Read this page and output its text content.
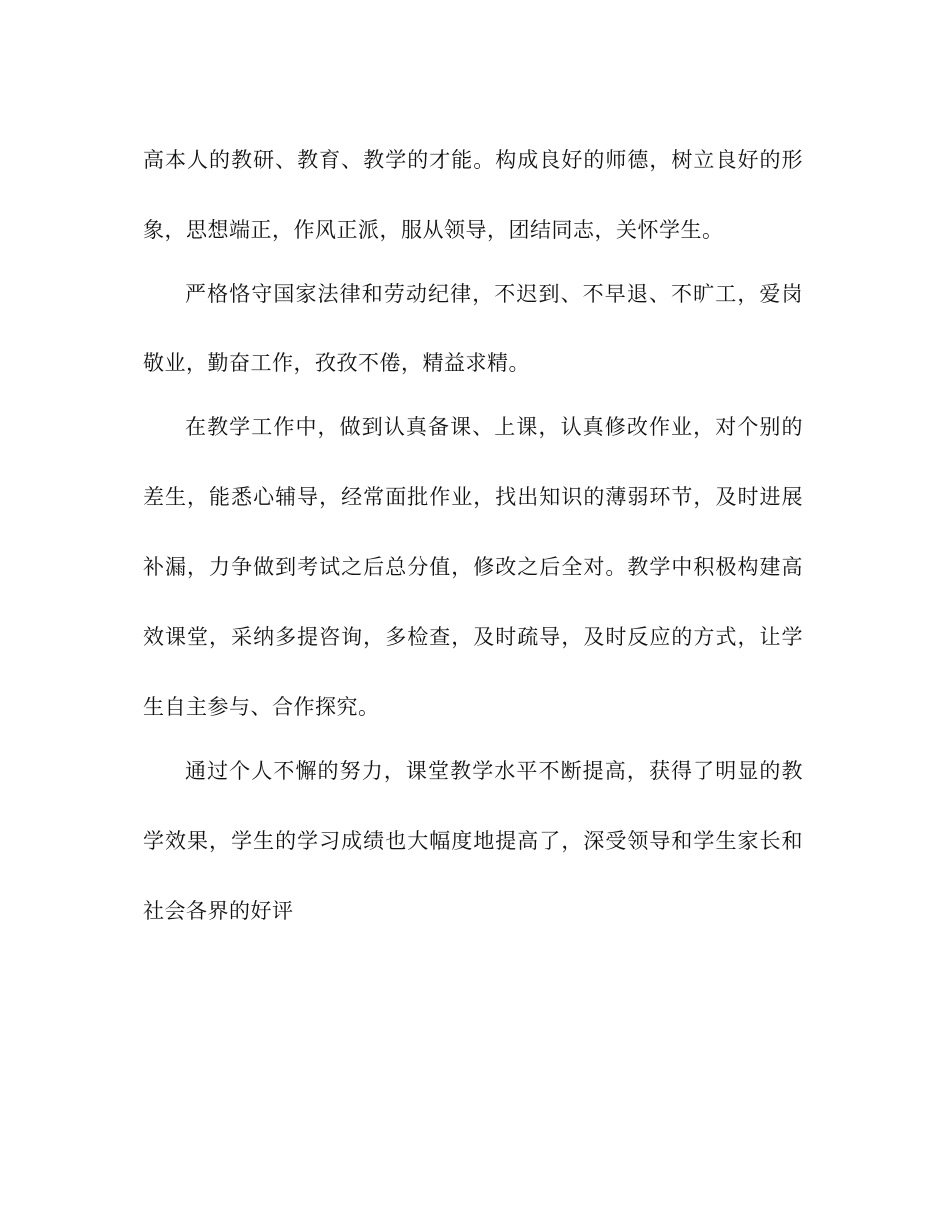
高本人的教研、教育、教学的才能。构成良好的师德，树立良好的形
象，思想端正，作风正派，服从领导，团结同志，关怀学生。
严格恪守国家法律和劳动纪律，不迟到、不早退、不旷工，爱岗
敬业，勤奋工作，孜孜不倦，精益求精。
在教学工作中，做到认真备课、上课，认真修改作业，对个别的
差生，能悉心辅导，经常面批作业，找出知识的薄弱环节，及时进展
补漏，力争做到考试之后总分值，修改之后全对。教学中积极构建高
效课堂，采纳多提咨询，多检查，及时疏导，及时反应的方式，让学
生自主参与、合作探究。
通过个人不懈的努力，课堂教学水平不断提高，获得了明显的教
学效果，学生的学习成绩也大幅度地提高了，深受领导和学生家长和
社会各界的好评
